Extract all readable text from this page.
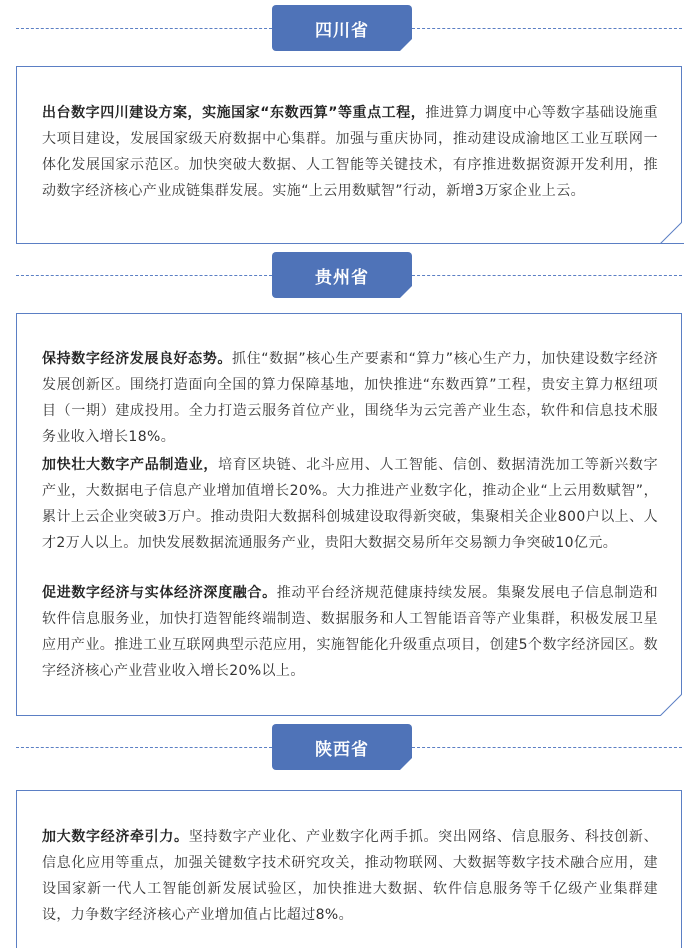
四川省

出台数字四川建设方案，实施国家“东数西算”等重点工程，推进算力调度中心等数字基础设施重大项目建设，发展国家级天府数据中心集群。加强与重庆协同，推动建设成渝地区工业互联网一体化发展国家示范区。加快突破大数据、人工智能等关键技术，有序推进数据资源开发利用，推动数字经济核心产业成链集群发展。实施“上云用数赋智”行动，新增3万家企业上云。

贵州省

保持数字经济发展良好态势。抓住“数据”核心生产要素和“算力”核心生产力，加快建设数字经济发展创新区。围绕打造面向全国的算力保障基地，加快推进“东数西算”工程，贵安主算力枢纽项目（一期）建成投用。全力打造云服务首位产业，围绕华为云完善产业生态，软件和信息技术服务业收入增长18%。

加快壮大数字产品制造业，培育区块链、北斗应用、人工智能、信创、数据清洗加工等新兴数字产业，大数据电子信息产业增加值增长20%。大力推进产业数字化，推动企业“上云用数赋智”，累计上云企业突破3万户。推动贵阳大数据科创城建设取得新突破，集聚相关企业800户以上、人才2万人以上。加快发展数据流通服务产业，贵阳大数据交易所年交易额力争突破10亿元。

促进数字经济与实体经济深度融合。推动平台经济规范健康持续发展。集聚发展电子信息制造和软件信息服务业，加快打造智能终端制造、数据服务和人工智能语音等产业集群，积极发展卫星应用产业。推进工业互联网典型示范应用，实施智能化升级重点项目，创建5个数字经济园区。数字经济核心产业营业收入增长20%以上。

陕西省

加大数字经济牵引力。坚持数字产业化、产业数字化两手抓。突出网络、信息服务、科技创新、信息化应用等重点，加强关键数字技术研究攻关，推动物联网、大数据等数字技术融合应用，建设国家新一代人工智能创新发展试验区，加快推进大数据、软件信息服务等千亿级产业集群建设，力争数字经济核心产业增加值占比超过8%。
